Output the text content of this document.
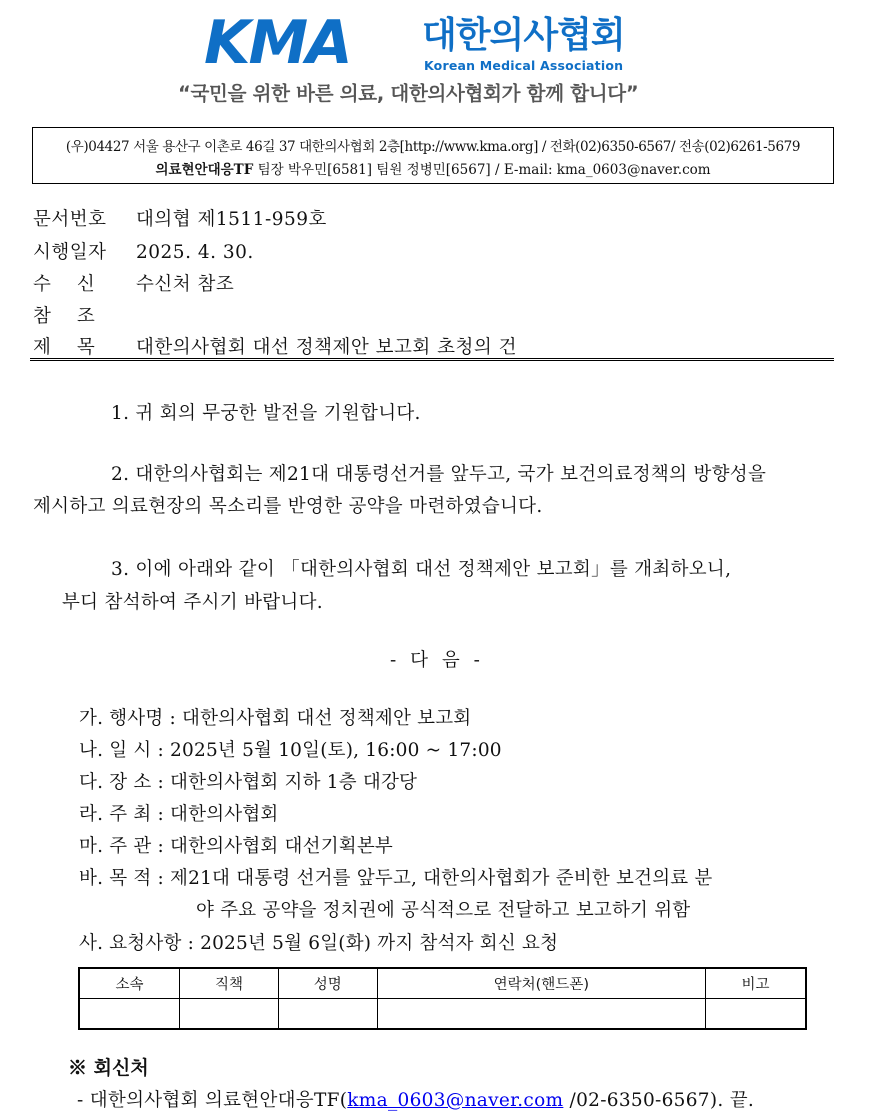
KMA 대한의사협회
Korean Medical Association
“국민을 위한 바른 의료, 대한의사협회가 함께 합니다”
(우)04427 서울 용산구 이촌로 46길 37 대한의사협회 2층[http://www.kma.org] / 전화(02)6350-6567/ 전송(02)6261-5679
의료현안대응TF 팀장 박우민[6581] 팀원 정병민[6567] / E-mail: kma_0603@naver.com
문서번호 대의협 제1511-959호
시행일자 2025. 4. 30.
수    신 수신처 참조
참    조
제    목 대한의사협회 대선 정책제안 보고회 초청의 건
1. 귀 회의 무궁한 발전을 기원합니다.
2. 대한의사협회는 제21대 대통령선거를 앞두고, 국가 보건의료정책의 방향성을
제시하고 의료현장의 목소리를 반영한 공약을 마련하였습니다.
3. 이에 아래와 같이 「대한의사협회 대선 정책제안 보고회」를 개최하오니,
부디 참석하여 주시기 바랍니다.
- 다 음 -
가. 행사명 : 대한의사협회 대선 정책제안 보고회
나. 일 시 : 2025년 5월 10일(토), 16:00 ~ 17:00
다. 장 소 : 대한의사협회 지하 1층 대강당
라. 주 최 : 대한의사협회
마. 주 관 : 대한의사협회 대선기획본부
바. 목 적 : 제21대 대통령 선거를 앞두고, 대한의사협회가 준비한 보건의료 분
야 주요 공약을 정치권에 공식적으로 전달하고 보고하기 위함
사. 요청사항 : 2025년 5월 6일(화) 까지 참석자 회신 요청
소속	직책	성명	연락처(핸드폰)	비고

※ 회신처
- 대한의사협회 의료현안대응TF(kma_0603@naver.com /02-6350-6567). 끝.
